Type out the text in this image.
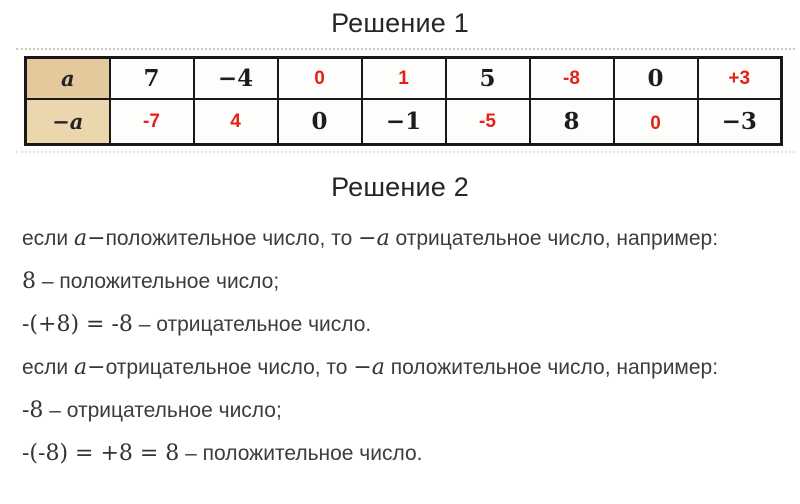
Решение 1
a	7	−4	0	1	5	-8	0	+3
−a	-7	4	0	−1	-5	8	0	−3
Решение 2

если a−положительное число, то −a отрицательное число, например:

8 – положительное число;

-(+8) = -8 – отрицательное число.

если a−отрицательное число, то −a положительное число, например:

-8 – отрицательное число;

-(-8) = +8 = 8 – положительное число.
